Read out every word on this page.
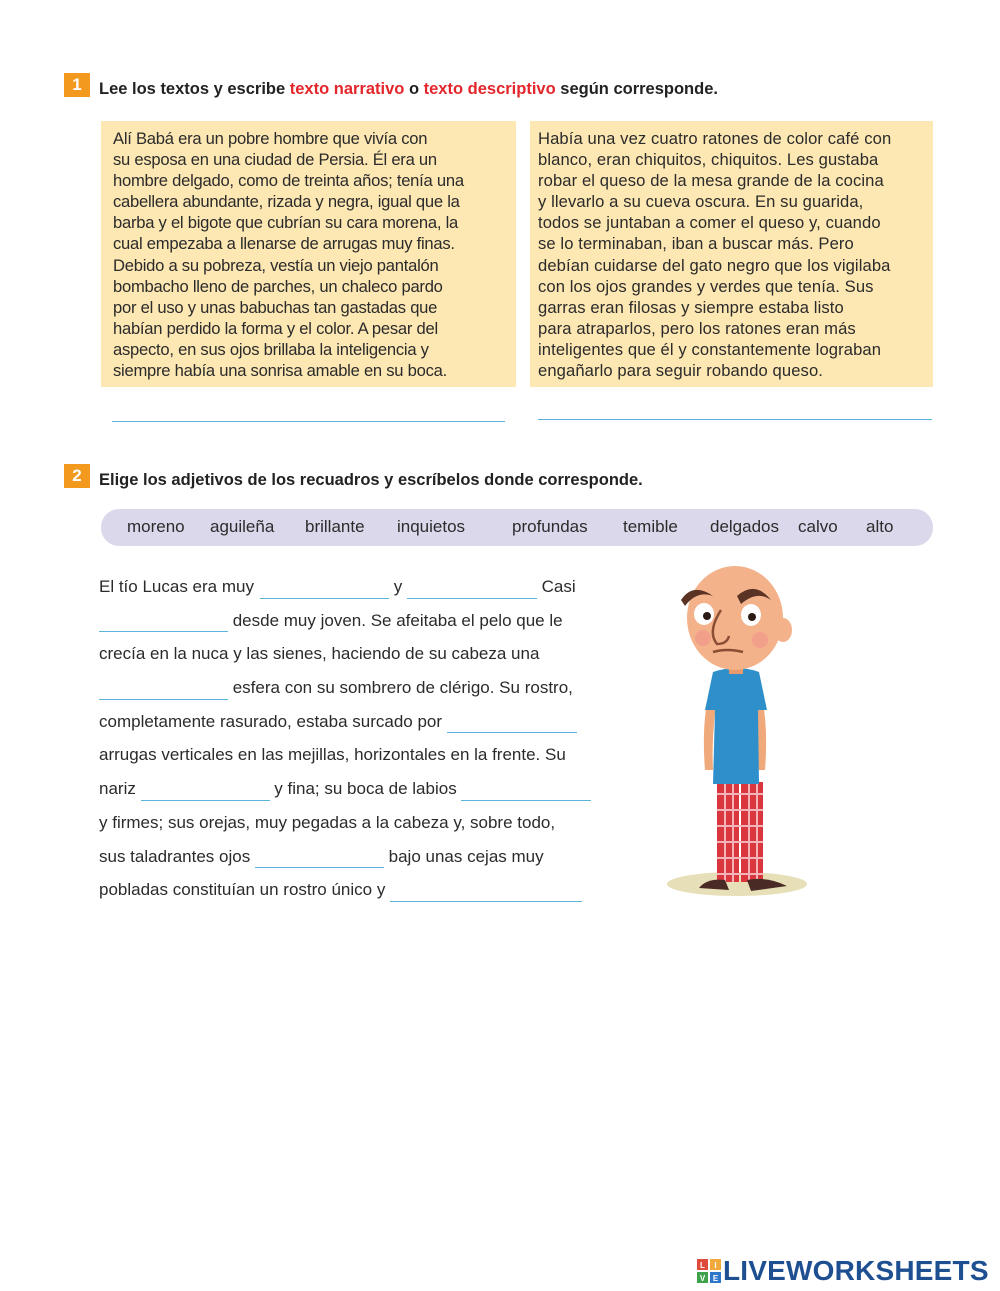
1	Lee los textos y escribe texto narrativo o texto descriptivo según corresponde.

Alí Babá era un pobre hombre que vivía con
su esposa en una ciudad de Persia. Él era un
hombre delgado, como de treinta años; tenía una
cabellera abundante, rizada y negra, igual que la
barba y el bigote que cubrían su cara morena, la
cual empezaba a llenarse de arrugas muy finas.
Debido a su pobreza, vestía un viejo pantalón
bombacho lleno de parches, un chaleco pardo
por el uso y unas babuchas tan gastadas que
habían perdido la forma y el color. A pesar del
aspecto, en sus ojos brillaba la inteligencia y
siempre había una sonrisa amable en su boca.

Había una vez cuatro ratones de color café con
blanco, eran chiquitos, chiquitos. Les gustaba
robar el queso de la mesa grande de la cocina
y llevarlo a su cueva oscura. En su guarida,
todos se juntaban a comer el queso y, cuando
se lo terminaban, iban a buscar más. Pero
debían cuidarse del gato negro que los vigilaba
con los ojos grandes y verdes que tenía. Sus
garras eran filosas y siempre estaba listo
para atraparlos, pero los ratones eran más
inteligentes que él y constantemente lograban
engañarlo para seguir robando queso.

2	Elige los adjetivos de los recuadros y escríbelos donde corresponde.
moreno aguileña brillante inquietos	profundas temible delgados calvo alto
El tío Lucas era muy	y	Casi
desde muy joven. Se afeitaba el pelo que le
crecía en la nuca y las sienes, haciendo de su cabeza una
esfera con su sombrero de clérigo. Su rostro,
completamente rasurado, estaba surcado por
arrugas verticales en las mejillas, horizontales en la frente. Su
nariz	y fina; su boca de labios
y firmes; sus orejas, muy pegadas a la cabeza y, sobre todo,
sus taladrantes ojos	bajo unas cejas muy
pobladas constituían un rostro único y
L I
V E LIVEWORKSHEETS
